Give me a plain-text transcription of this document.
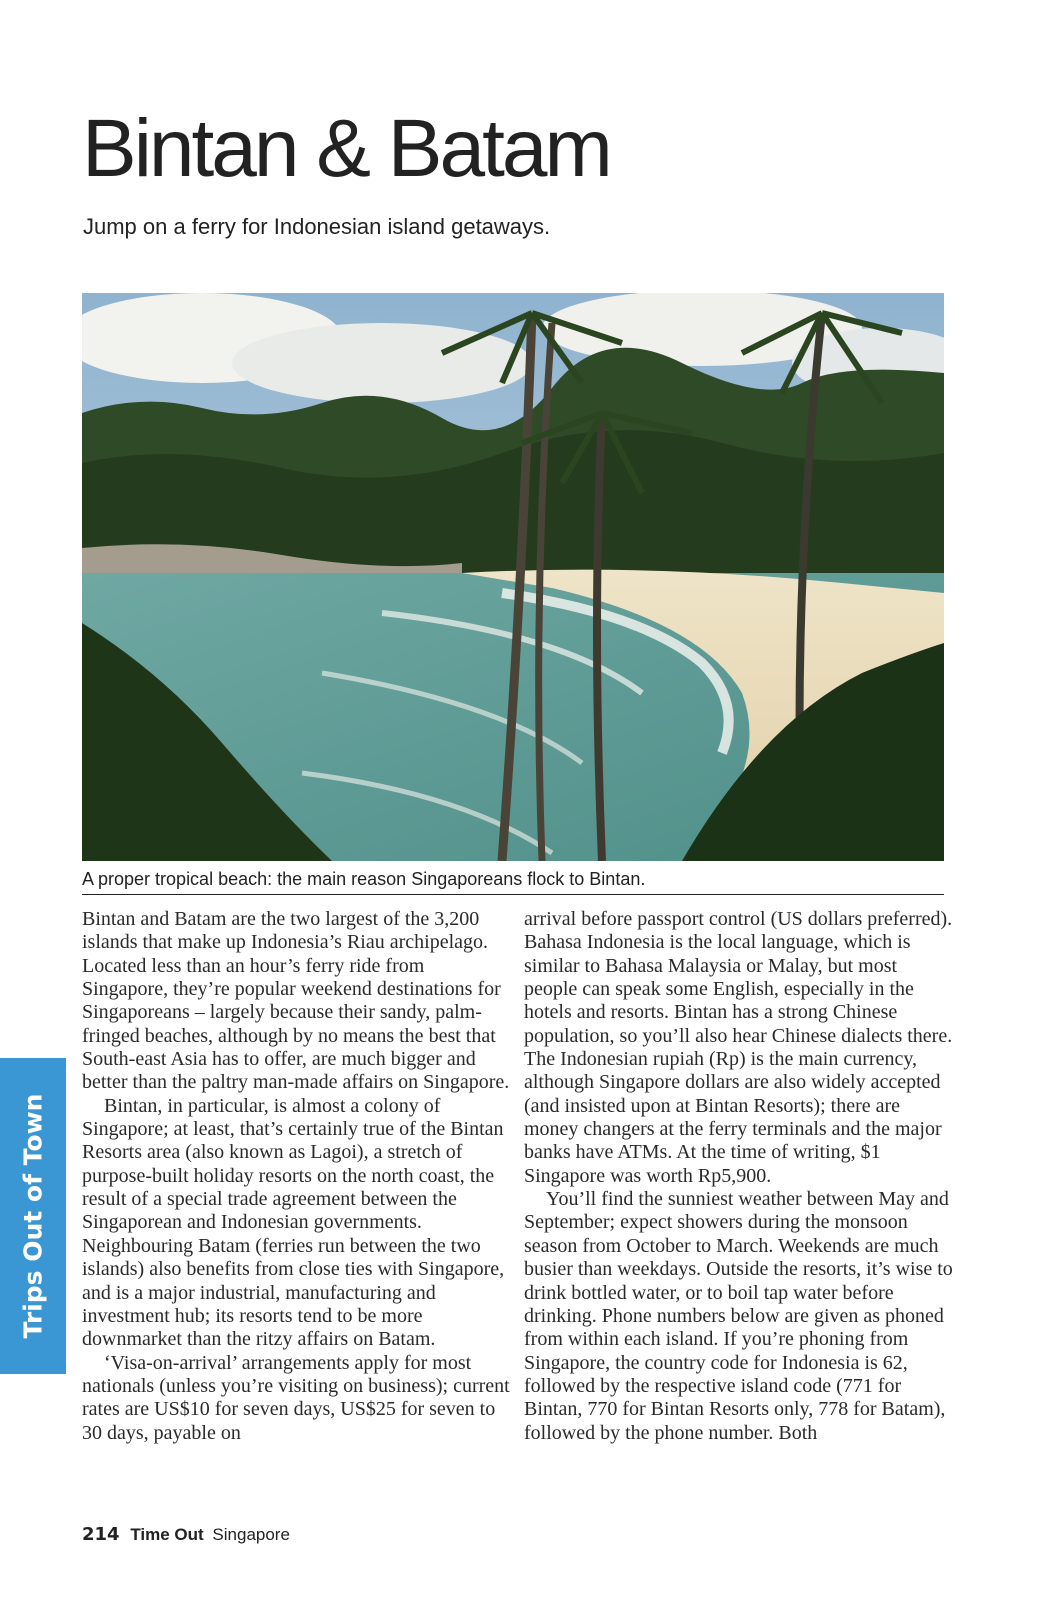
Bintan & Batam
Jump on a ferry for Indonesian island getaways.
A proper tropical beach: the main reason Singaporeans flock to Bintan.

Bintan and Batam are the two largest of the 3,200 islands that make up Indonesia’s Riau archipelago. Located less than an hour’s ferry ride from Singapore, they’re popular weekend destinations for Singaporeans – largely because their sandy, palm-fringed beaches, although by no means the best that South-east Asia has to offer, are much bigger and better than the paltry man-made affairs on Singapore.

Bintan, in particular, is almost a colony of Singapore; at least, that’s certainly true of the Bintan Resorts area (also known as Lagoi), a stretch of purpose-built holiday resorts on the north coast, the result of a special trade agreement between the Singaporean and Indonesian governments. Neighbouring Batam (ferries run between the two islands) also benefits from close ties with Singapore, and is a major industrial, manufacturing and investment hub; its resorts tend to be more downmarket than the ritzy affairs on Batam.

‘Visa-on-arrival’ arrangements apply for most nationals (unless you’re visiting on business); current rates are US$10 for seven days, US$25 for seven to 30 days, payable on

arrival before passport control (US dollars preferred). Bahasa Indonesia is the local language, which is similar to Bahasa Malaysia or Malay, but most people can speak some English, especially in the hotels and resorts. Bintan has a strong Chinese population, so you’ll also hear Chinese dialects there. The Indonesian rupiah (Rp) is the main currency, although Singapore dollars are also widely accepted (and insisted upon at Bintan Resorts); there are money changers at the ferry terminals and the major banks have ATMs. At the time of writing, $1 Singapore was worth Rp5,900.

You’ll find the sunniest weather between May and September; expect showers during the monsoon season from October to March. Weekends are much busier than weekdays. Outside the resorts, it’s wise to drink bottled water, or to boil tap water before drinking. Phone numbers below are given as phoned from within each island. If you’re phoning from Singapore, the country code for Indonesia is 62, followed by the respective island code (771 for Bintan, 770 for Bintan Resorts only, 778 for Batam), followed by the phone number. Both

Trips Out of Town
214 Time Out Singapore
